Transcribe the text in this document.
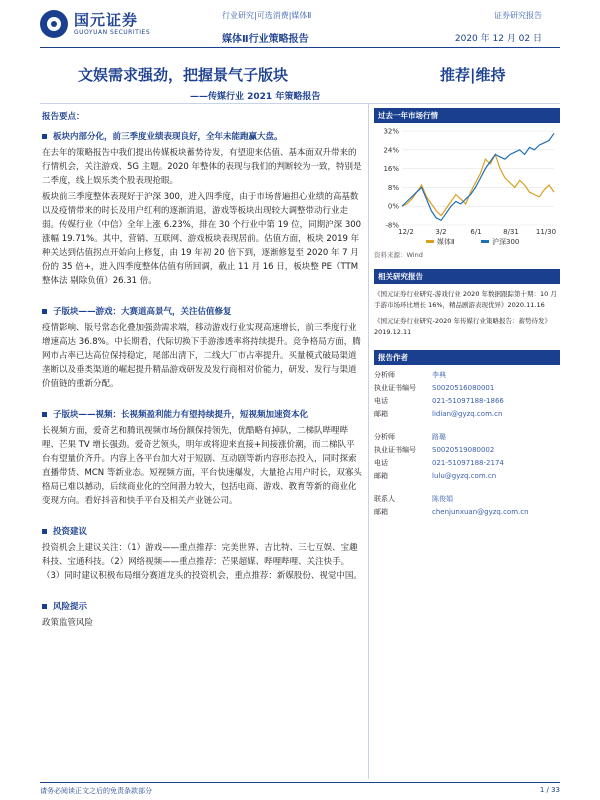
国元证券
GUOYUAN SECURITIES
行业研究|可选消费|媒体Ⅱ	证券研究报告
媒体Ⅱ行业策略报告	2020 年 12 月 02 日
文娱需求强劲，把握景气子版块	推荐|维持
——传媒行业 2021 年策略报告
报告要点：
板块内部分化，前三季度业绩表现良好，全年未能跑赢大盘。
在去年的策略报告中我们提出传媒板块蓄势待发，有望迎来估值、基本面双升带来的行情机会，关注游戏、5G 主题。2020 年整体的表现与我们的判断较为一致，特别是二季度，线上娱乐类个股表现抢眼。
板块前三季度整体表现好于沪深 300，进入四季度，由于市场普遍担心业绩的高基数以及疫情带来的时长及用户红利的逐渐消退，游戏等板块出现较大调整带动行业走弱。传媒行业（中信）全年上涨 6.23%，排在 30 个行业中第 19 位，同期沪深 300 涨幅 19.71%。其中，营销、互联网、游戏板块表现居前。估值方面，板块 2019 年种关达到估值拐点开始向上修复，由 19 年初 20 倍下到，逐渐修复至 2020 年 7 月份的 35 倍+，进入四季度整体估值有所回调，截止 11 月 16 日，板块整 PE（TTM 整体法 剔除负值）26.31 倍。
子版块——游戏：大赛道高景气，关注估值修复
疫情影响、版号常态化叠加强劲需求端，移动游戏行业实现高速增长，前三季度行业增速高达 36.8%。中长期看，代际切换下手游渗透率将持续提升。竞争格局方面，腾网市占率已达高位保持稳定，尾部出清下，二线大厂市占率提升。买量模式破局渠道垄断以及垂类渠道的崛起提升精品游戏研发及发行商相对价能力，研发、发行与渠道价值链的重新分配。
子版块——视频：长视频盈利能力有望持续提升，短视频加速资本化
长视频方面，爱奇艺和腾讯视频市场份额保持领先，优酷略有掉队，二梯队哔哩哔哩、芒果 TV 增长强劲。爱奇艺领头，明年或将迎来直接+间接涨价潮，而二梯队平台有望量价齐升。内容上各平台加大对于短剧、互动剧等新内容形态投入，同时探索直播带货、MCN 等新业态。短视频方面，平台快速爆发，大量抢占用户时长，双寡头格局已难以撼动，后续商业化的空间潜力较大，包括电商、游戏、教育等新的商业化变现方向。看好抖音和快手平台及相关产业链公司。
投资建议
投资机会上建议关注：（1）游戏——重点推荐：完美世界、吉比特、三七互娱、宝趣科技、宝通科技。（2）网络视频——重点推荐：芒果超媒、哔哩哔哩、关注快手。（3）同时建议积极布局细分赛道龙头的投资机会，重点推荐：新媒股份、视觉中国。
风险提示
政策监管风险
过去一年市场行情
32%
24%
16%
8%
0%
-8%
12/2	3/2	6/1	8/31 11/30
媒体Ⅱ	沪深300
资料来源：Wind
相关研究报告
《国元证券行业研究-游戏行业 2020 年数据跟踪第十期：10 月手游市场环比增长 16%，精品剧游表现优异》2020.11.16
《国元证券行业研究-2020 年传媒行业策略报告：蓄势待发》2019.12.11
报告作者
分析师	李典
执业证书编号	S0020516080001
电话	021-51097188-1866
邮箱	lidian@gyzq.com.cn
分析师	路璐
执业证书编号	S0020519080002
电话	021-51097188-2174
邮箱	lulu@gyzq.com.cn
联系人	陈俊娟
邮箱	chenjunxuan@gyzq.com.cn
请务必阅读正文之后的免责条款部分	1 / 33
